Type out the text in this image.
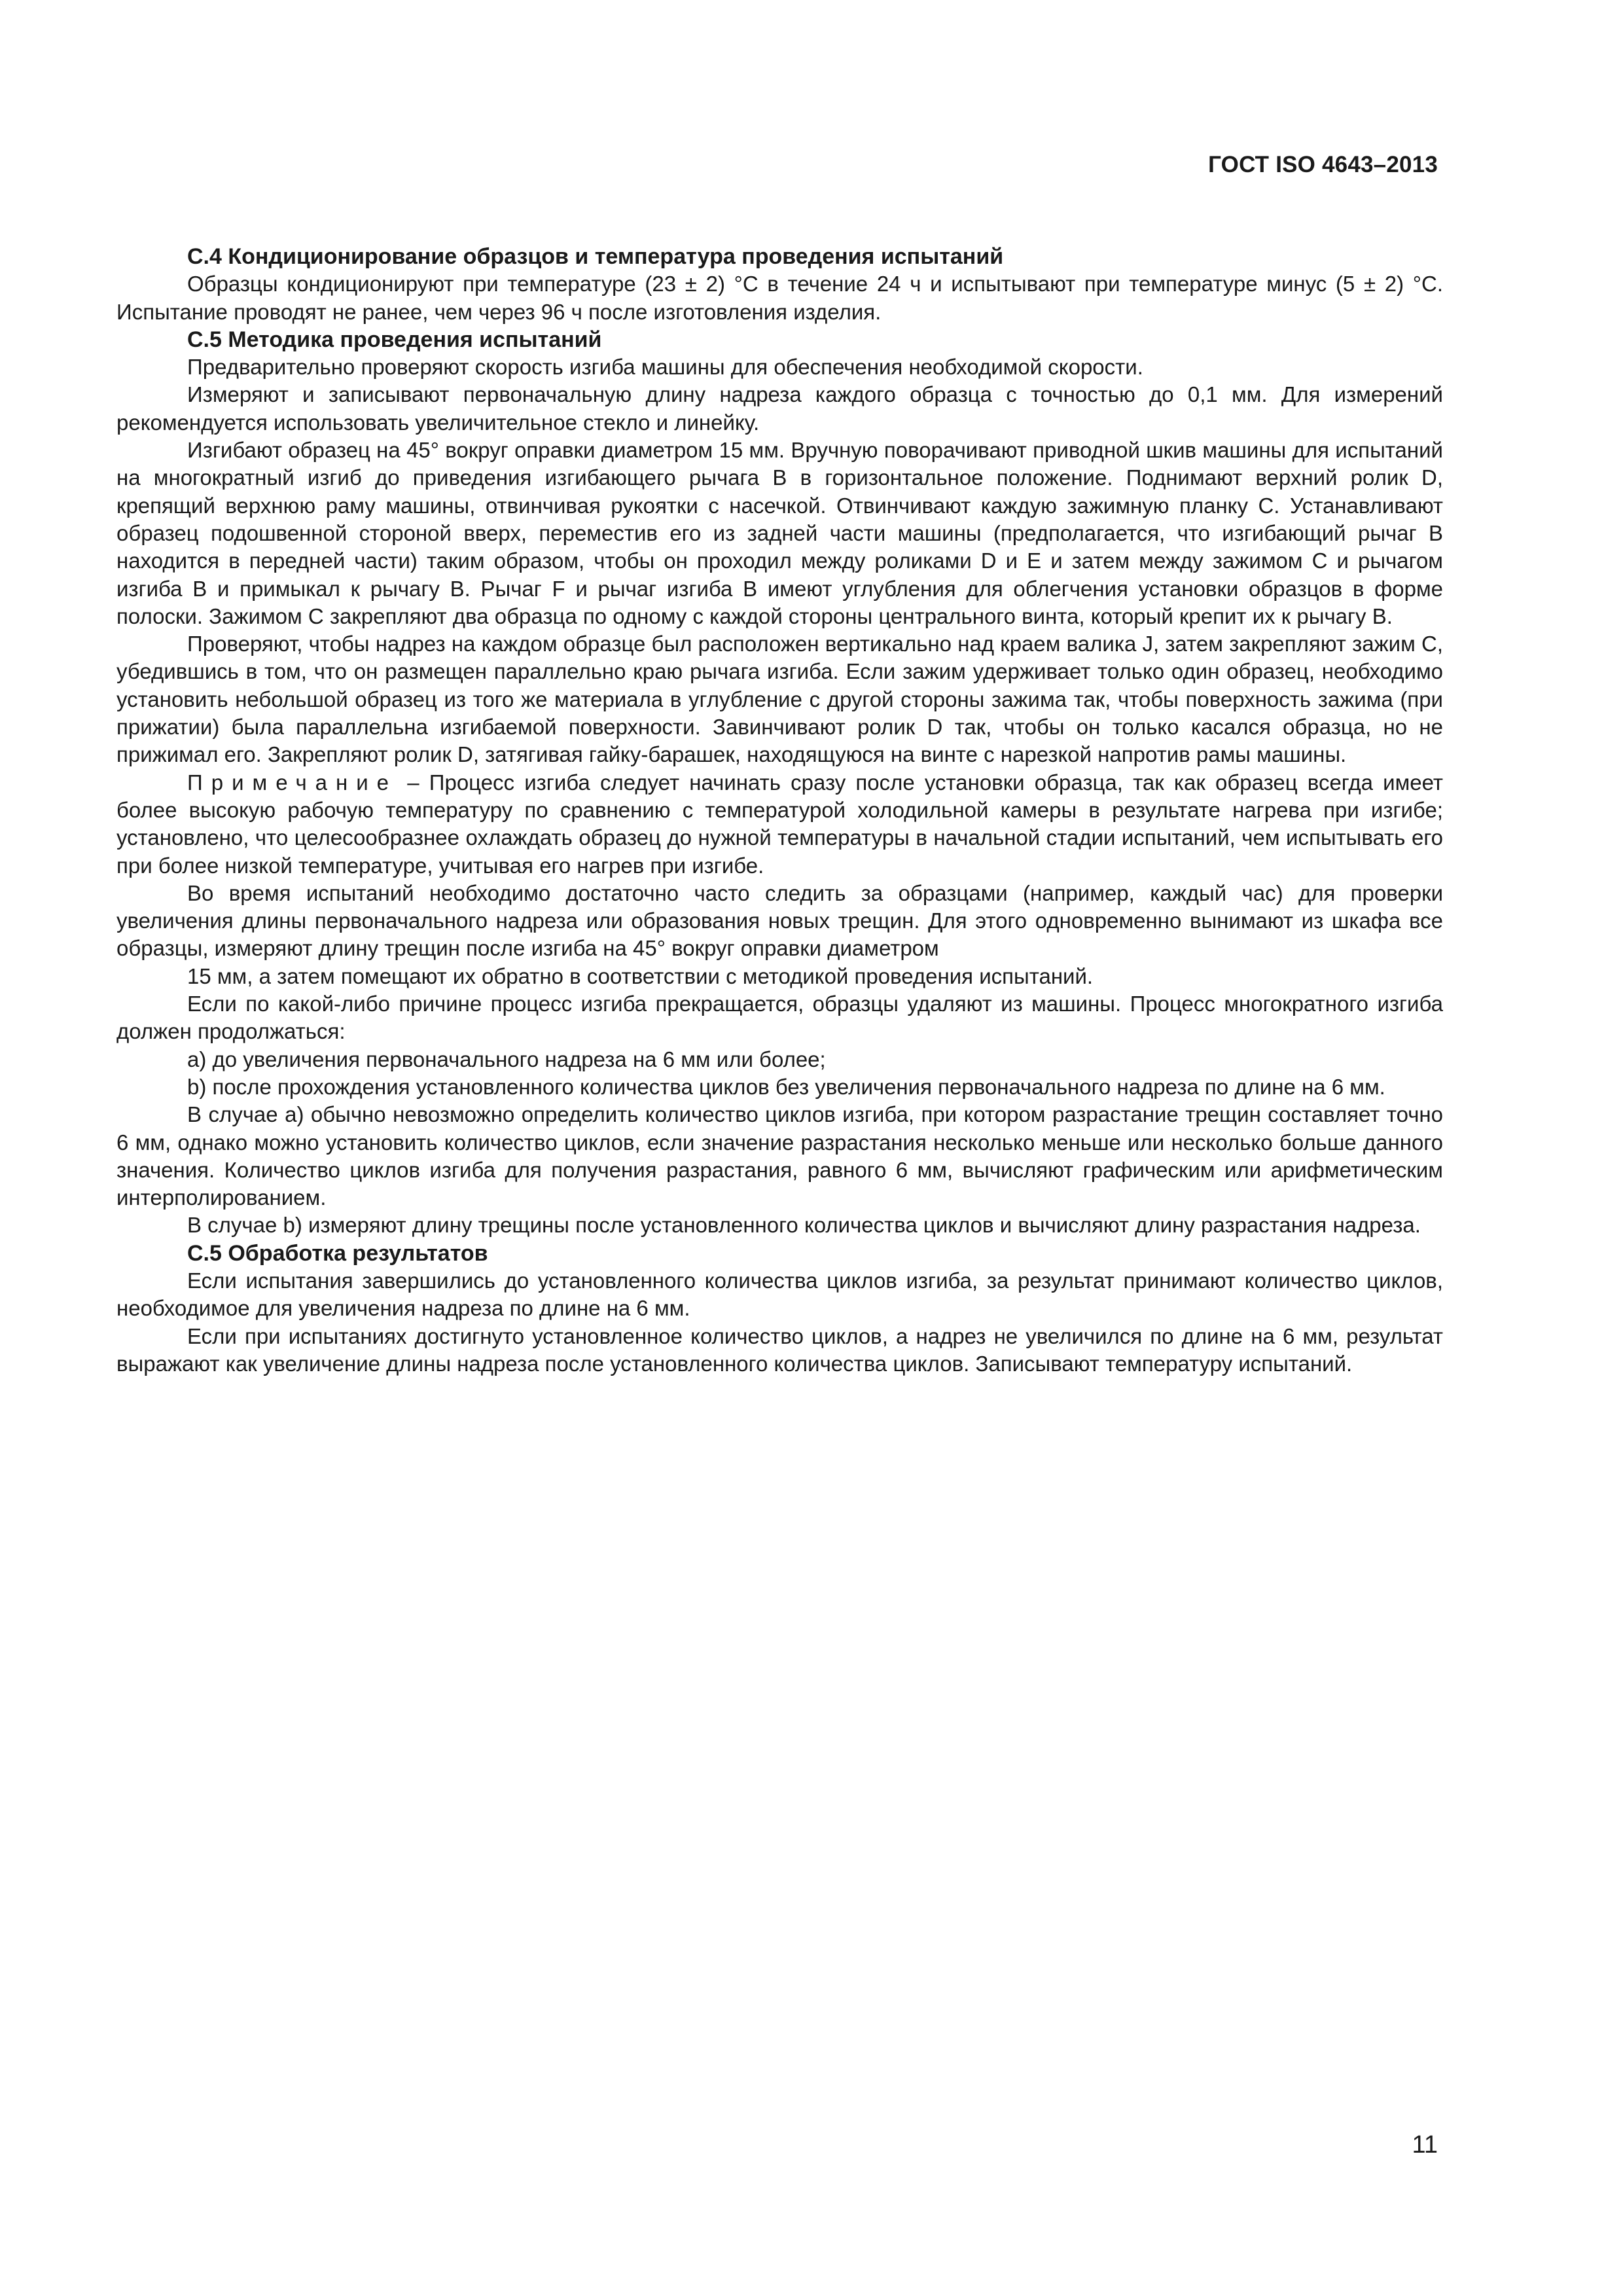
ГОСТ ISO 4643–2013
С.4 Кондиционирование образцов и температура проведения испытаний

Образцы кондиционируют при температуре (23 ± 2) °С в течение 24 ч и испытывают при температуре минус (5 ± 2) °С. Испытание проводят не ранее, чем через 96 ч после изготовления изделия.

С.5 Методика проведения испытаний

Предварительно проверяют скорость изгиба машины для обеспечения необходимой скорости.

Измеряют и записывают первоначальную длину надреза каждого образца с точностью до 0,1 мм. Для измерений рекомендуется использовать увеличительное стекло и линейку.

Изгибают образец на 45° вокруг оправки диаметром 15 мм. Вручную поворачивают приводной шкив машины для испытаний на многократный изгиб до приведения изгибающего рычага В в горизонтальное положение. Поднимают верхний ролик D, крепящий верхнюю раму машины, отвинчивая рукоятки с насечкой. Отвинчивают каждую зажимную планку С. Устанавливают образец подошвенной стороной вверх, переместив его из задней части машины (предполагается, что изгибающий рычаг В находится в передней части) таким образом, чтобы он проходил между роликами D и E и затем между зажимом С и рычагом изгиба В и примыкал к рычагу В. Рычаг F и рычаг изгиба В имеют углубления для облегчения установки образцов в форме полоски. Зажимом С закрепляют два образца по одному с каждой стороны центрального винта, который крепит их к рычагу В.

Проверяют, чтобы надрез на каждом образце был расположен вертикально над краем валика J, затем закрепляют зажим С, убедившись в том, что он размещен параллельно краю рычага изгиба. Если зажим удерживает только один образец, необходимо установить небольшой образец из того же материала в углубление с другой стороны зажима так, чтобы поверхность зажима (при прижатии) была параллельна изгибаемой поверхности. Завинчивают ролик D так, чтобы он только касался образца, но не прижимал его. Закрепляют ролик D, затягивая гайку-барашек, находящуюся на винте с нарезкой напротив рамы машины.

Примечание – Процесс изгиба следует начинать сразу после установки образца, так как образец всегда имеет более высокую рабочую температуру по сравнению с температурой холодильной камеры в результате нагрева при изгибе; установлено, что целесообразнее охлаждать образец до нужной температуры в начальной стадии испытаний, чем испытывать его при более низкой температуре, учитывая его нагрев при изгибе.

Во время испытаний необходимо достаточно часто следить за образцами (например, каждый час) для проверки увеличения длины первоначального надреза или образования новых трещин. Для этого одновременно вынимают из шкафа все образцы, измеряют длину трещин после изгиба на 45° вокруг оправки диаметром

15 мм, а затем помещают их обратно в соответствии с методикой проведения испытаний.

Если по какой-либо причине процесс изгиба прекращается, образцы удаляют из машины. Процесс многократного изгиба должен продолжаться:

а) до увеличения первоначального надреза на 6 мм или более;

b) после прохождения установленного количества циклов без увеличения первоначального надреза по длине на 6 мм.

В случае а) обычно невозможно определить количество циклов изгиба, при котором разрастание трещин составляет точно 6 мм, однако можно установить количество циклов, если значение разрастания несколько меньше или несколько больше данного значения. Количество циклов изгиба для получения разрастания, равного 6 мм, вычисляют графическим или арифметическим интерполированием.

В случае b) измеряют длину трещины после установленного количества циклов и вычисляют длину разрастания надреза.

С.5 Обработка результатов

Если испытания завершились до установленного количества циклов изгиба, за результат принимают количество циклов, необходимое для увеличения надреза по длине на 6 мм.

Если при испытаниях достигнуто установленное количество циклов, а надрез не увеличился по длине на 6 мм, результат выражают как увеличение длины надреза после установленного количества циклов. Записывают температуру испытаний.

11
